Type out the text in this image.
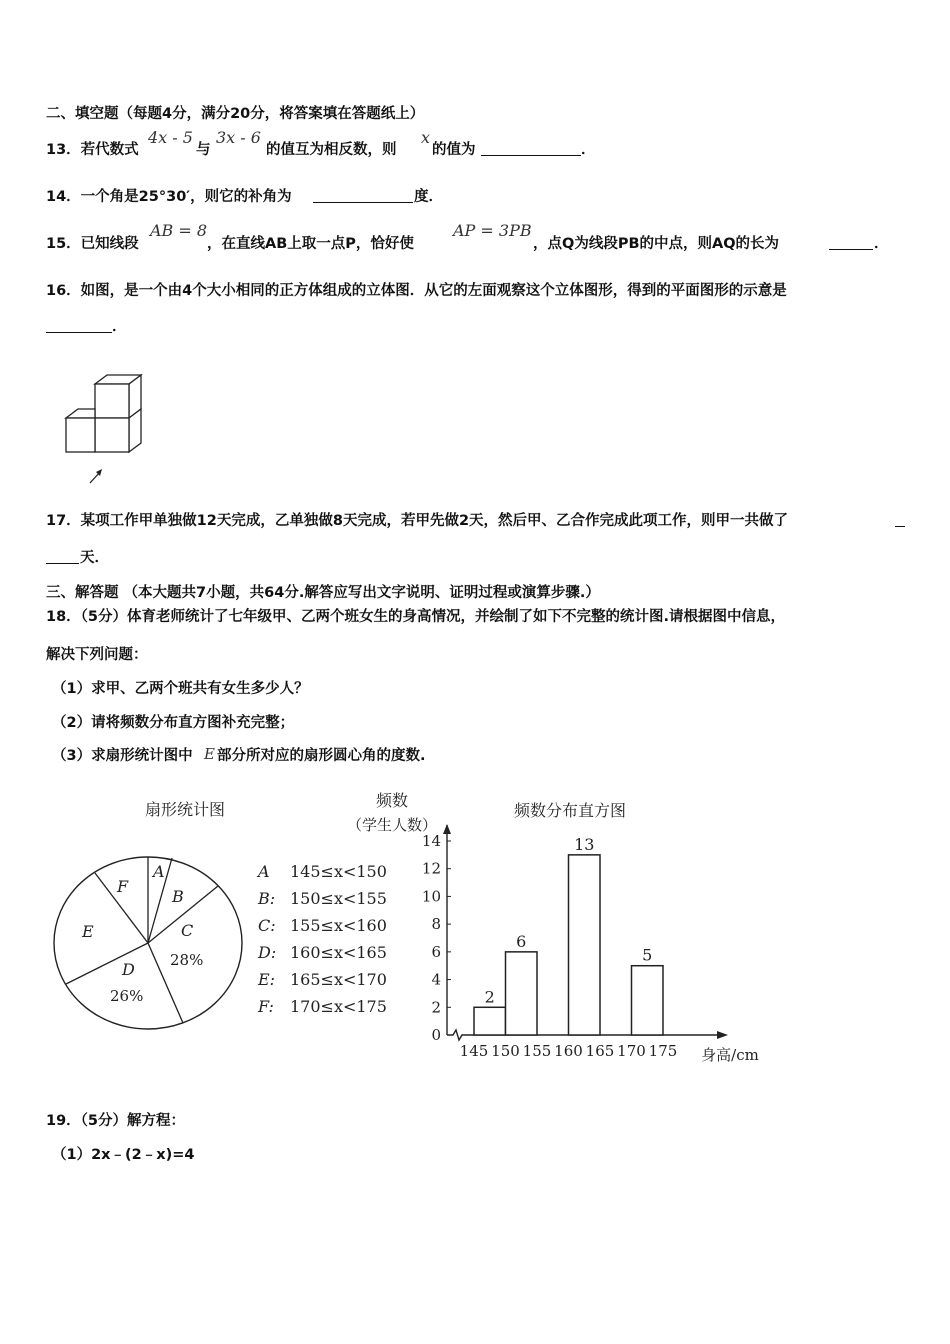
二、填空题（每题4分，满分20分，将答案填在答题纸上）
13．若代数式
4x - 5
与
3x - 6
的值互为相反数，则
x
的值为	．
14．一个角是25°30′，则它的补角为	度．
15．已知线段
AB = 8
，在直线AB上取一点P，恰好使
AP = 3PB
，点Q为线段PB的中点，则AQ的长为	．
16．如图，是一个由4个大小相同的正方体组成的立体图．从它的左面观察这个立体图形，得到的平面图形的示意是
．
17．某项工作甲单独做12天完成，乙单独做8天完成，若甲先做2天，然后甲、乙合作完成此项工作，则甲一共做了
天．
三、解答题 （本大题共7小题，共64分.解答应写出文字说明、证明过程或演算步骤.）
18．（5分）体育老师统计了七年级甲、乙两个班女生的身高情况，并绘制了如下不完整的统计图.请根据图中信息，
解决下列问题：
（1）求甲、乙两个班共有女生多少人？
（2）请将频数分布直方图补充完整；
（3）求扇形统计图中 E 部分所对应的扇形圆心角的度数.
扇形统计图
A
B
C
D
E
F
28%
26%
A 145≤x<150
B: 150≤x<155
C: 155≤x<160
D: 160≤x<165
E: 165≤x<170
F: 170≤x<175
频数
（学生人数）
频数分布直方图
0
2
4
6
8
10
12
14
145 150 155 160 165 170 175
2
6
13
5
身高/cm
19．（5分）解方程：
（1）2x﹣(2﹣x)=4
